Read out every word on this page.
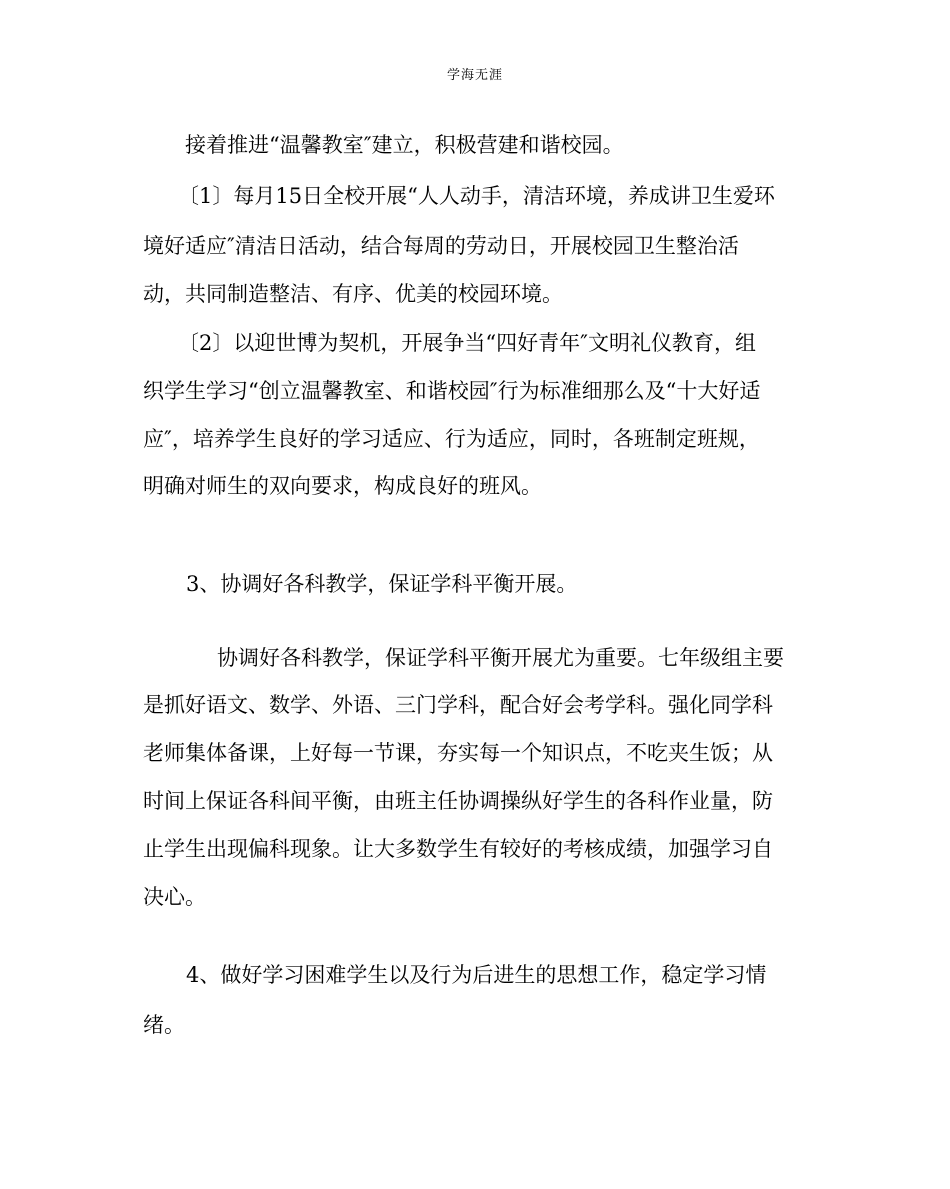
学海无涯
接着推进“温馨教室″建立，积极营建和谐校园。
〔1〕每月15日全校开展“人人动手，清洁环境，养成讲卫生爱环
境好适应″清洁日活动，结合每周的劳动日，开展校园卫生整治活
动，共同制造整洁、有序、优美的校园环境。
〔2〕以迎世博为契机，开展争当“四好青年″文明礼仪教育，组
织学生学习“创立温馨教室、和谐校园″行为标准细那么及“十大好适
应″，培养学生良好的学习适应、行为适应，同时，各班制定班规，
明确对师生的双向要求，构成良好的班风。
3、协调好各科教学，保证学科平衡开展。
协调好各科教学，保证学科平衡开展尤为重要。七年级组主要
是抓好语文、数学、外语、三门学科，配合好会考学科。强化同学科
老师集体备课，上好每一节课，夯实每一个知识点，不吃夹生饭；从
时间上保证各科间平衡，由班主任协调操纵好学生的各科作业量，防
止学生出现偏科现象。让大多数学生有较好的考核成绩，加强学习自
决心。
4、做好学习困难学生以及行为后进生的思想工作，稳定学习情
绪。
